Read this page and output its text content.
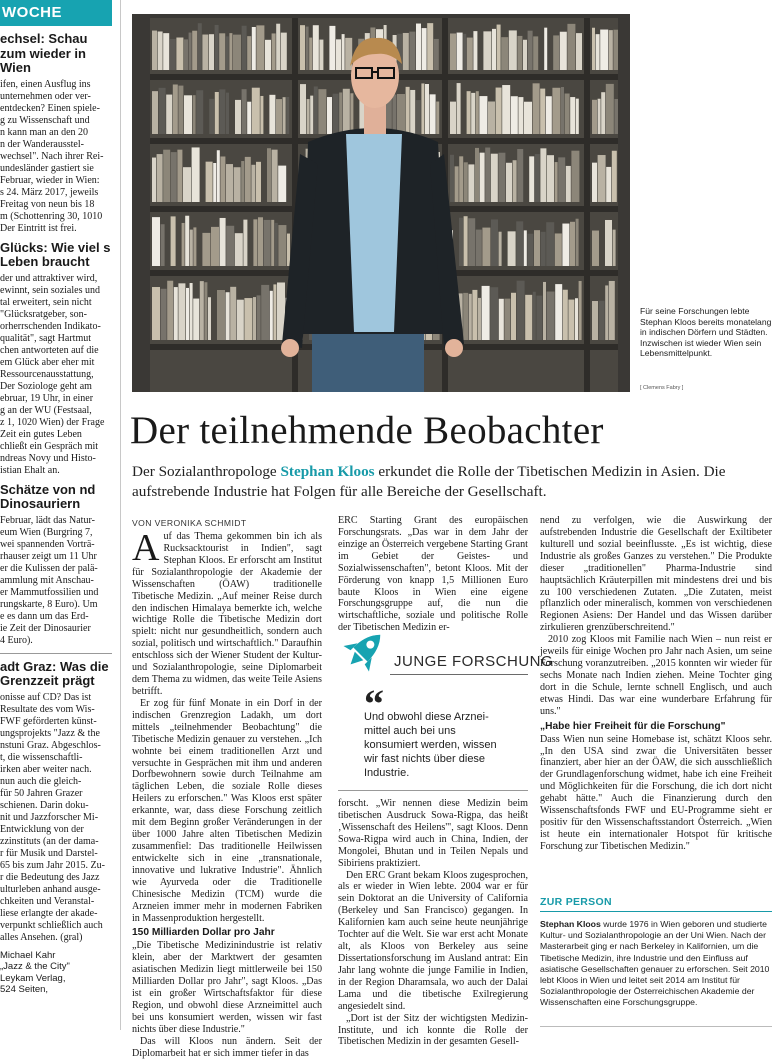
WOCHE
echsel: Schau zum wieder in Wien

ifen, einen Ausflug ins
unternehmen oder ver-
entdecken? Einen spiele-
g zu Wissenschaft und
n kann man an den 20
n der Wanderausstel-
wechsel". Nach ihrer Rei-
undesländer gastiert sie
Februar, wieder in Wien:
s 24. März 2017, jeweils
Freitag von neun bis 18
m (Schottenring 30, 1010
Der Eintritt ist frei.

Glücks: Wie viel s Leben braucht

der und attraktiver wird,
ewinnt, sein soziales und
tal erweitert, sein nicht
"Glücksratgeber, son-
orherrschenden Indikato-
qualität", sagt Hartmut
chen antworteten auf die
em Glück aber eher mit
Ressourcenausstattung,
Der Soziologe geht am
ebruar, 19 Uhr, in einer
g an der WU (Festsaal,
z 1, 1020 Wien) der Frage
Zeit ein gutes Leben
chließt ein Gespräch mit
ndreas Novy und Histo-
istian Ehalt an.

Schätze von nd Dinosauriern

Februar, lädt das Natur-
eum Wien (Burgring 7,
wei spannenden Vorträ-
rhauser zeigt um 11 Uhr
er die Kulissen der palä-
ammlung mit Anschau-
er Mammutfossilien und
rungskarte, 8 Euro). Um
e es dann um das Erd-
ie Zeit der Dinosaurier
4 Euro).

adt Graz: Was die Grenzzeit prägt

onisse auf CD? Das ist
Resultate des vom Wis-
FWF geförderten künst-
ungsprojekts "Jazz & the
nstuni Graz. Abgeschlos-
t, die wissenschaftli-
irken aber weiter nach.
nun auch die gleich-
für 50 Jahren Grazer
schienen. Darin doku-
nit und Jazzforscher Mi-
Entwicklung von der
zzinstituts (an der dama-
r für Musik und Darstel-
65 bis zum Jahr 2015. Zu-
r die Bedeutung des Jazz
ulturleben anhand ausge-
chkeiten und Veranstal-
liese erlangte der akade-
verpunkt schließlich auch
alles Ansehen. (gral)

Michael Kahr
„Jazz & the City"
Leykam Verlag,
524 Seiten,
Für seine Forschungen lebte Stephan Kloos bereits monatelang in indischen Dörfern und Städten. Inzwischen ist wieder Wien sein Lebensmittelpunkt.
[ Clemens Fabry ]
Der teilnehmende Beobachter

Der Sozialanthropologe Stephan Kloos erkundet die Rolle der Tibetischen Medizin in Asien. Die aufstrebende Industrie hat Folgen für alle Bereiche der Gesellschaft.

VON VERONIKA SCHMIDT

Auf das Thema gekommen bin ich als Rucksacktourist in Indien", sagt Stephan Kloos. Er erforscht am Institut für Sozialanthropologie der Akademie der Wissenschaften (ÖAW) traditionelle Tibetische Medizin. „Auf meiner Reise durch den indischen Himalaya bemerkte ich, welche wichtige Rolle die Tibetische Medizin dort spielt: nicht nur gesundheitlich, sondern auch sozial, politisch und wirtschaftlich." Daraufhin entschloss sich der Wiener Student der Kultur- und Sozialanthropologie, seine Diplomarbeit dem Thema zu widmen, das weite Teile Asiens betrifft.

Er zog für fünf Monate in ein Dorf in der indischen Grenzregion Ladakh, um dort mittels „teilnehmender Beobachtung" die Tibetische Medizin genauer zu verstehen. „Ich wohnte bei einem traditionellen Arzt und versuchte in Gesprächen mit ihm und anderen Dorfbewohnern sowie durch Teilnahme am täglichen Leben, die soziale Rolle dieses Heilers zu erforschen." Was Kloos erst später erkannte, war, dass diese Forschung zeitlich mit dem Beginn großer Veränderungen in der über 1000 Jahre alten Tibetischen Medizin zusammenfiel: Das traditionelle Heilwissen entwickelte sich in eine „transnationale, innovative und lukrative Industrie". Ähnlich wie Ayurveda oder die Traditionelle Chinesische Medizin (TCM) wurde die Arzneien immer mehr in modernen Fabriken in Massenproduktion hergestellt.

150 Milliarden Dollar pro Jahr

„Die Tibetische Medizinindustrie ist relativ klein, aber der Marktwert der gesamten asiatischen Medizin liegt mittlerweile bei 150 Milliarden Dollar pro Jahr", sagt Kloos. „Das ist ein großer Wirtschaftsfaktor für diese Region, und obwohl diese Arzneimittel auch bei uns konsumiert werden, wissen wir fast nichts über diese Industrie."

Das will Kloos nun ändern. Seit der Diplomarbeit hat er sich immer tiefer in das

ERC Starting Grant des europäischen Forschungsrats. „Das war in dem Jahr der einzige an Österreich vergebene Starting Grant im Gebiet der Geistes- und Sozialwissenschaften", betont Kloos. Mit der Förderung von knapp 1,5 Millionen Euro baute Kloos in Wien eine eigene Forschungsgruppe auf, die nun die wirtschaftliche, soziale und politische Rolle der Tibetischen Medizin er-

JUNGE FORSCHUNG
“

Und obwohl diese Arznei-
mittel auch bei uns
konsumiert werden, wissen
wir fast nichts über diese
Industrie.

forscht. „Wir nennen diese Medizin beim tibetischen Ausdruck Sowa-Rigpa, das heißt ‚Wissenschaft des Heilens'", sagt Kloos. Denn Sowa-Rigpa wird auch in China, Indien, der Mongolei, Bhutan und in Teilen Nepals und Sibiriens praktiziert.

Den ERC Grant bekam Kloos zugesprochen, als er wieder in Wien lebte. 2004 war er für sein Doktorat an die University of California (Berkeley und San Francisco) gegangen. In Kalifornien kam auch seine heute neunjährige Tochter auf die Welt. Sie war erst acht Monate alt, als Kloos von Berkeley aus seine Dissertationsforschung im Ausland antrat: Ein Jahr lang wohnte die junge Familie in Indien, in der Region Dharamsala, wo auch der Dalai Lama und die tibetische Exilregierung angesiedelt sind.

„Dort ist der Sitz der wichtigsten Medizin-Institute, und ich konnte die Rolle der Tibetischen Medizin in der gesamten Gesell-

nend zu verfolgen, wie die Auswirkung der aufstrebenden Industrie die Gesellschaft der Exiltibeter kulturell und sozial beeinflusste. „Es ist wichtig, diese Industrie als großes Ganzes zu verstehen." Die Produkte dieser „traditionellen" Pharma-Industrie sind hauptsächlich Kräuterpillen mit mindestens drei und bis zu 100 verschiedenen Zutaten. „Die Zutaten, meist pflanzlich oder mineralisch, kommen von verschiedenen Regionen Asiens: Der Handel und das Wissen darüber zirkulieren grenzüberschreitend."

2010 zog Kloos mit Familie nach Wien – nun reist er jeweils für einige Wochen pro Jahr nach Asien, um seine Forschung voranzutreiben. „2015 konnten wir wieder für sechs Monate nach Indien ziehen. Meine Tochter ging dort in die Schule, lernte schnell Englisch, und auch etwas Hindi. Das war eine wunderbare Erfahrung für uns."

„Habe hier Freiheit für die Forschung"

Dass Wien nun seine Homebase ist, schätzt Kloos sehr. „In den USA sind zwar die Universitäten besser finanziert, aber hier an der ÖAW, die sich ausschließlich der Grundlagenforschung widmet, habe ich eine Freiheit und Möglichkeiten für die Forschung, die ich dort nicht gehabt hätte." Auch die Finanzierung durch den Wissenschaftsfonds FWF und EU-Programme sieht er positiv für den Wissenschaftsstandort Österreich. „Wien ist heute ein internationaler Hotspot für kritische Forschung zur Tibetischen Medizin."

ZUR PERSON

Stephan Kloos wurde 1976 in Wien geboren und studierte Kultur- und Sozialanthropologie an der Uni Wien. Nach der Masterarbeit ging er nach Berkeley in Kalifornien, um die Tibetische Medizin, ihre Industrie und den Einfluss auf asiatische Gesellschaften genauer zu erforschen. Seit 2010 lebt Kloos in Wien und leitet seit 2014 am Institut für Sozialanthropologie der Österreichischen Akademie der Wissenschaften eine Forschungsgruppe.
